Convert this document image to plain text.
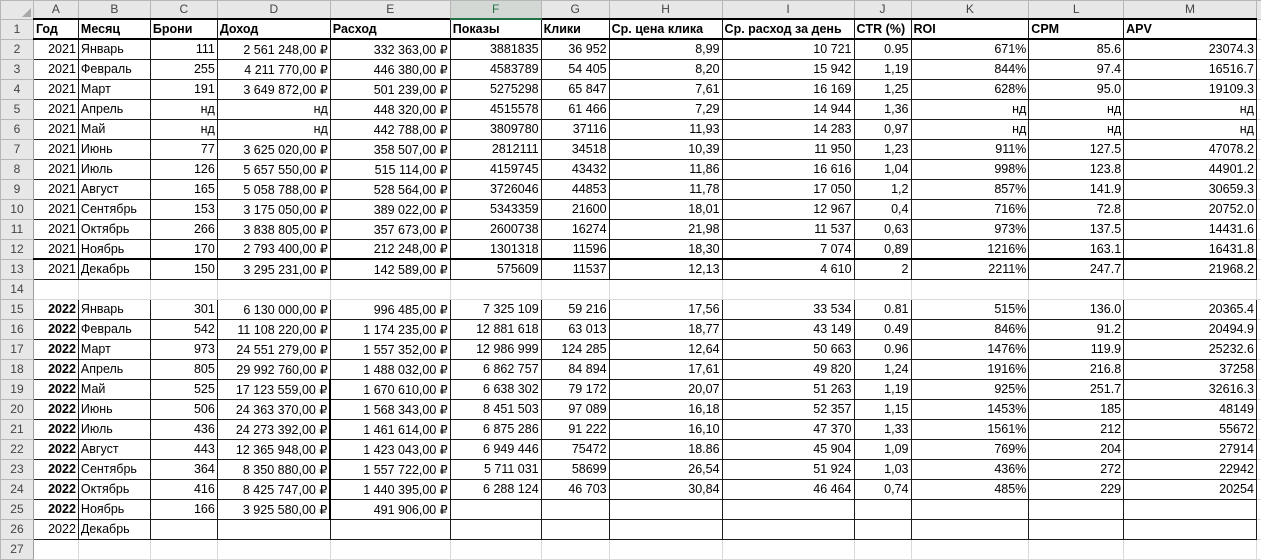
	A	B	C	D	E	F	G	H	I	J	K	L	M	
1	Год	Месяц	Брони	Доход	Расход	Показы	Клики	Ср. цена клика	Ср. расход за день	CTR (%)	ROI	CPM	APV	
2	2021	Январь	111	2 561 248,00 ₽	332 363,00 ₽	3881835	36 952	8,99	10 721	0.95	671%	85.6	23074.3	
3	2021	Февраль	255	4 211 770,00 ₽	446 380,00 ₽	4583789	54 405	8,20	15 942	1,19	844%	97.4	16516.7	
4	2021	Март	191	3 649 872,00 ₽	501 239,00 ₽	5275298	65 847	7,61	16 169	1,25	628%	95.0	19109.3	
5	2021	Апрель	нд	нд	448 320,00 ₽	4515578	61 466	7,29	14 944	1,36	нд	нд	нд	
6	2021	Май	нд	нд	442 788,00 ₽	3809780	37116	11,93	14 283	0,97	нд	нд	нд	
7	2021	Июнь	77	3 625 020,00 ₽	358 507,00 ₽	2812111	34518	10,39	11 950	1,23	911%	127.5	47078.2	
8	2021	Июль	126	5 657 550,00 ₽	515 114,00 ₽	4159745	43432	11,86	16 616	1,04	998%	123.8	44901.2	
9	2021	Август	165	5 058 788,00 ₽	528 564,00 ₽	3726046	44853	11,78	17 050	1,2	857%	141.9	30659.3	
10	2021	Сентябрь	153	3 175 050,00 ₽	389 022,00 ₽	5343359	21600	18,01	12 967	0,4	716%	72.8	20752.0	
11	2021	Октябрь	266	3 838 805,00 ₽	357 673,00 ₽	2600738	16274	21,98	11 537	0,63	973%	137.5	14431.6	
12	2021	Ноябрь	170	2 793 400,00 ₽	212 248,00 ₽	1301318	11596	18,30	7 074	0,89	1216%	163.1	16431.8	
13	2021	Декабрь	150	3 295 231,00 ₽	142 589,00 ₽	575609	11537	12,13	4 610	2	2211%	247.7	21968.2	
14														
15	2022	Январь	301	6 130 000,00 ₽	996 485,00 ₽	7 325 109	59 216	17,56	33 534	0.81	515%	136.0	20365.4	
16	2022	Февраль	542	11 108 220,00 ₽	1 174 235,00 ₽	12 881 618	63 013	18,77	43 149	0.49	846%	91.2	20494.9	
17	2022	Март	973	24 551 279,00 ₽	1 557 352,00 ₽	12 986 999	124 285	12,64	50 663	0.96	1476%	119.9	25232.6	
18	2022	Апрель	805	29 992 760,00 ₽	1 488 032,00 ₽	6 862 757	84 894	17,61	49 820	1,24	1916%	216.8	37258	
19	2022	Май	525	17 123 559,00 ₽	1 670 610,00 ₽	6 638 302	79 172	20,07	51 263	1,19	925%	251.7	32616.3	
20	2022	Июнь	506	24 363 370,00 ₽	1 568 343,00 ₽	8 451 503	97 089	16,18	52 357	1,15	1453%	185	48149	
21	2022	Июль	436	24 273 392,00 ₽	1 461 614,00 ₽	6 875 286	91 222	16,10	47 370	1,33	1561%	212	55672	
22	2022	Август	443	12 365 948,00 ₽	1 423 043,00 ₽	6 949 446	75472	18.86	45 904	1,09	769%	204	27914	
23	2022	Сентябрь	364	8 350 880,00 ₽	1 557 722,00 ₽	5 711 031	58699	26,54	51 924	1,03	436%	272	22942	
24	2022	Октябрь	416	8 425 747,00 ₽	1 440 395,00 ₽	6 288 124	46 703	30,84	46 464	0,74	485%	229	20254	
25	2022	Ноябрь	166	3 925 580,00 ₽	491 906,00 ₽									
26	2022	Декабрь												
27														
